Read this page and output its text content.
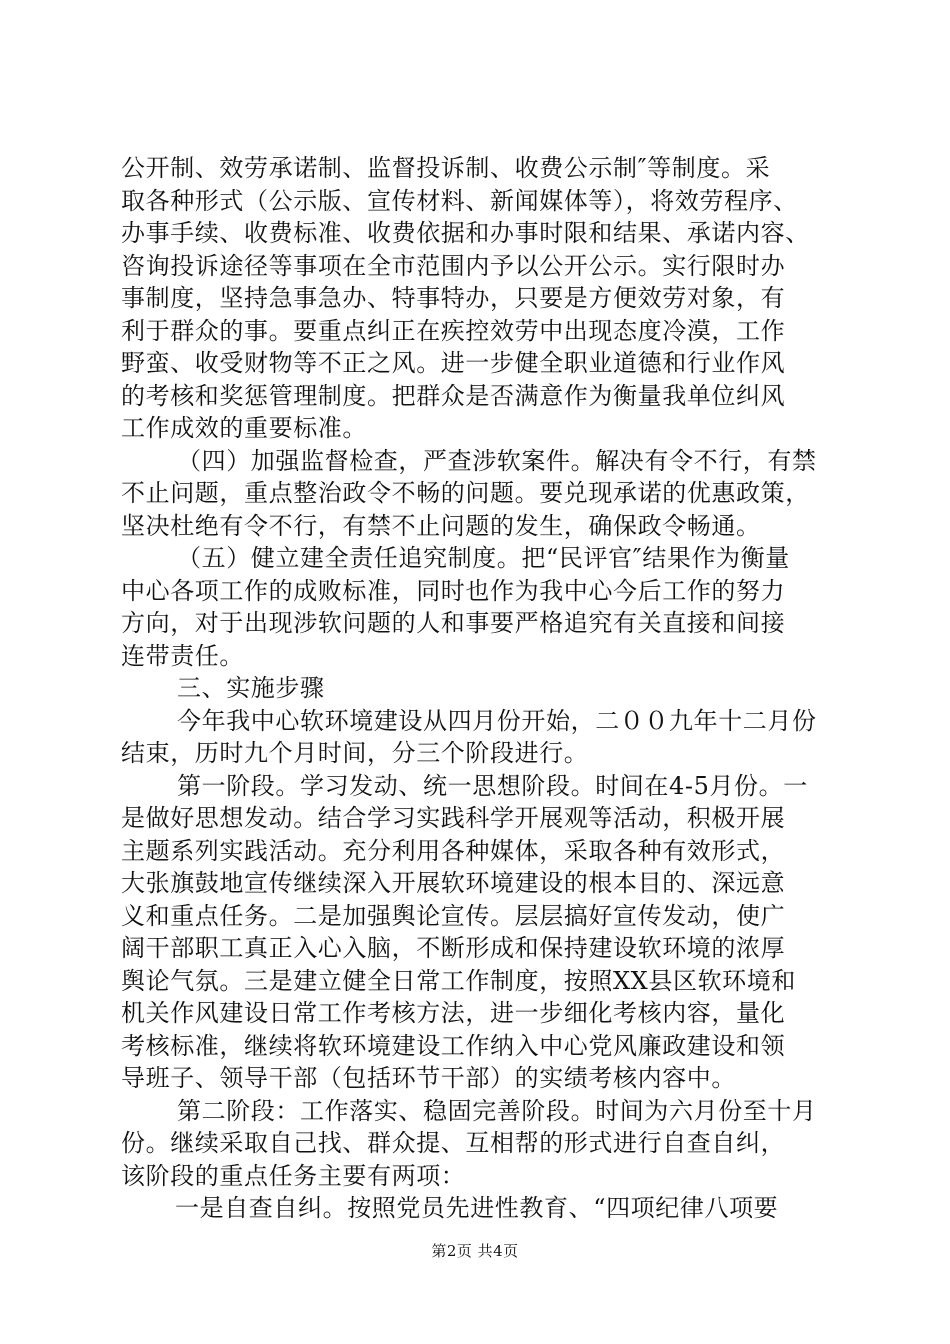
公开制、效劳承诺制、监督投诉制、收费公示制″等制度。采
取各种形式（公示版、宣传材料、新闻媒体等），将效劳程序、
办事手续、收费标准、收费依据和办事时限和结果、承诺内容、
咨询投诉途径等事项在全市范围内予以公开公示。实行限时办
事制度，坚持急事急办、特事特办，只要是方便效劳对象，有
利于群众的事。要重点纠正在疾控效劳中出现态度冷漠，工作
野蛮、收受财物等不正之风。进一步健全职业道德和行业作风
的考核和奖惩管理制度。把群众是否满意作为衡量我单位纠风
工作成效的重要标准。
（四）加强监督检查，严查涉软案件。解决有令不行，有禁
不止问题，重点整治政令不畅的问题。要兑现承诺的优惠政策，
坚决杜绝有令不行，有禁不止问题的发生，确保政令畅通。
（五）健立建全责任追究制度。把“民评官″结果作为衡量
中心各项工作的成败标准，同时也作为我中心今后工作的努力
方向，对于出现涉软问题的人和事要严格追究有关直接和间接
连带责任。
三、实施步骤
今年我中心软环境建设从四月份开始，二００九年十二月份
结束，历时九个月时间，分三个阶段进行。
第一阶段。学习发动、统一思想阶段。时间在4-5月份。一
是做好思想发动。结合学习实践科学开展观等活动，积极开展
主题系列实践活动。充分利用各种媒体，采取各种有效形式，
大张旗鼓地宣传继续深入开展软环境建设的根本目的、深远意
义和重点任务。二是加强舆论宣传。层层搞好宣传发动，使广
阔干部职工真正入心入脑，不断形成和保持建设软环境的浓厚
舆论气氛。三是建立健全日常工作制度，按照XX县区软环境和
机关作风建设日常工作考核方法，进一步细化考核内容，量化
考核标准，继续将软环境建设工作纳入中心党风廉政建设和领
导班子、领导干部（包括环节干部）的实绩考核内容中。
第二阶段：工作落实、稳固完善阶段。时间为六月份至十月
份。继续采取自己找、群众提、互相帮的形式进行自查自纠，
该阶段的重点任务主要有两项：
一是自查自纠。按照党员先进性教育、“四项纪律八项要
第2页 共4页
